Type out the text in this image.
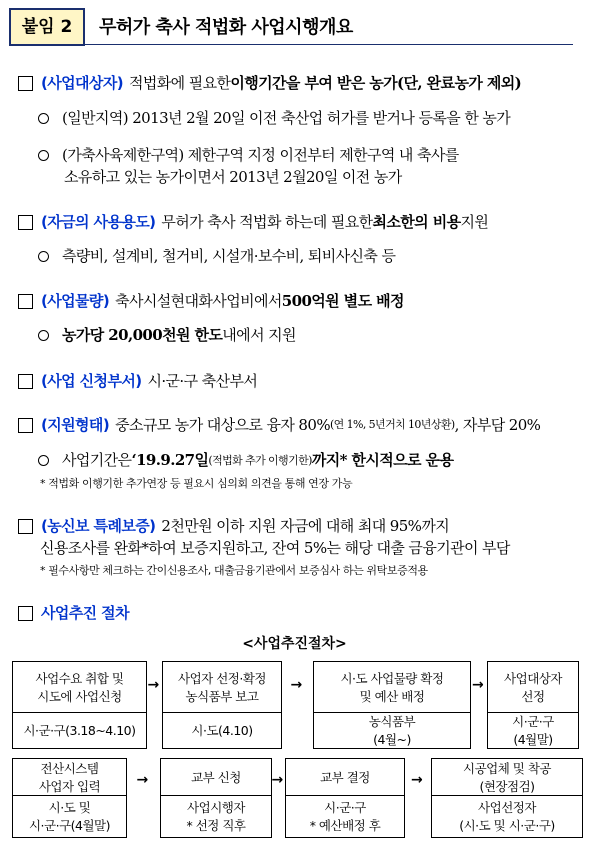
붙임 2	무허가 축사 적법화 사업시행개요
(사업대상자) 적법화에 필요한 이행기간을 부여 받은 농가(단, 완료농가 제외)
(일반지역) 2013년 2월 20일 이전 축산업 허가를 받거나 등록을 한 농가
(가축사육제한구역) 제한구역 지정 이전부터 제한구역 내 축사를
소유하고 있는 농가이면서 2013년 2월20일 이전 농가
(자금의 사용용도) 무허가 축사 적법화 하는데 필요한 최소한의 비용 지원
측량비, 설계비, 철거비, 시설개·보수비, 퇴비사신축 등
(사업물량) 축사시설현대화사업비에서 500억원 별도 배정
농가당 20,000천원 한도 내에서 지원
(사업 신청부서) 시·군·구 축산부서
(지원형태) 중소규모 농가 대상으로 융자 80% (연 1%, 5년거치 10년상환) , 자부담 20%
사업기간은 ‘19.9.27일 (적법화 추가 이행기한) 까지* 한시적으로 운용
* 적법화 이행기한 추가연장 등 필요시 심의회 의견을 통해 연장 가능
(농신보 특례보증) 2천만원 이하 지원 자금에 대해 최대 95%까지
신용조사를 완화*하여 보증지원하고, 잔여 5%는 해당 대출 금융기관이 부담
* 필수사항만 체크하는 간이신용조사, 대출금융기관에서 보증심사 하는 위탁보증적용
사업추진 절차
<사업추진절차>
사업수요 취합 및
시도에 사업신청
시·군·구(3.18~4.10)
→ 사업자 선정·확정
농식품부 보고
시·도(4.10)
→	시·도 사업물량 확정
및 예산 배정
농식품부
(4월~)
→ 사업대상자
선정
시·군·구
(4월말)
전산시스템
사업자 입력
시·도 및
시·군·구(4월말)
→	교부 신청
사업시행자
* 선정 직후
→	교부 결정
시·군·구
* 예산배정 후
→
시공업체 및 착공
(현장점검)
사업선정자
(시·도 및 시·군·구)
